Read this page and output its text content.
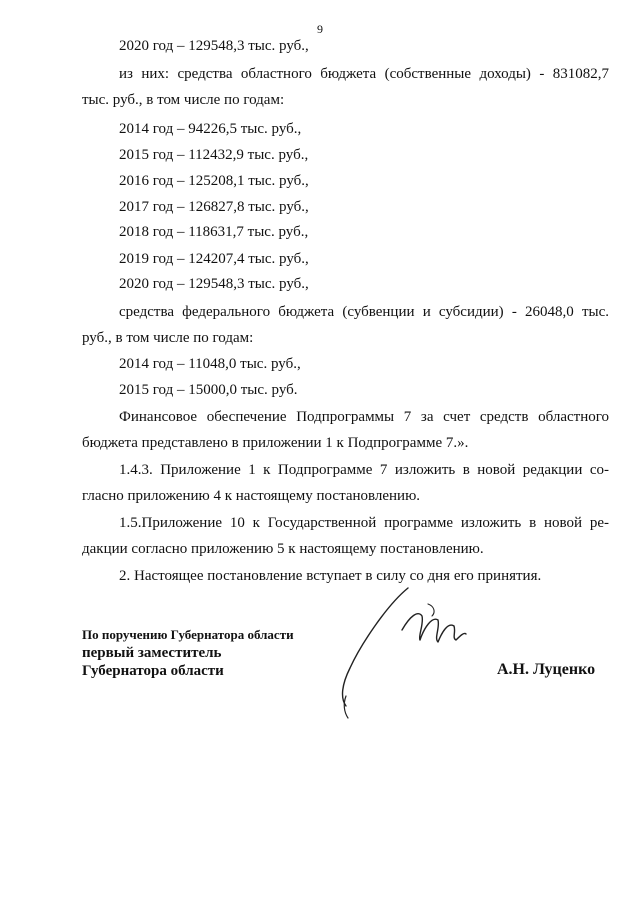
9
2020 год – 129548,3 тыс. руб.,
из них: средства областного бюджета (собственные доходы) - 831082,7
тыс. руб., в том числе по годам:
2014 год – 94226,5 тыс. руб.,
2015 год – 112432,9 тыс. руб.,
2016 год – 125208,1 тыс. руб.,
2017 год – 126827,8 тыс. руб.,
2018 год – 118631,7 тыс. руб.,
2019 год – 124207,4 тыс. руб.,
2020 год – 129548,3 тыс. руб.,
средства федерального бюджета (субвенции и субсидии) - 26048,0 тыс.
руб., в том числе по годам:
2014 год – 11048,0 тыс. руб.,
2015 год – 15000,0 тыс. руб.
Финансовое обеспечение Подпрограммы 7 за счет средств областного
бюджета представлено в приложении 1 к Подпрограмме 7.».
1.4.3. Приложение 1 к Подпрограмме 7 изложить в новой редакции со-
гласно приложению 4 к настоящему постановлению.
1.5.Приложение 10 к Государственной программе изложить в новой ре-
дакции согласно приложению 5 к настоящему постановлению.
2. Настоящее постановление вступает в силу со дня его принятия.
По поручению Губернатора области
первый заместитель
Губернатора области	А.Н. Луценко
